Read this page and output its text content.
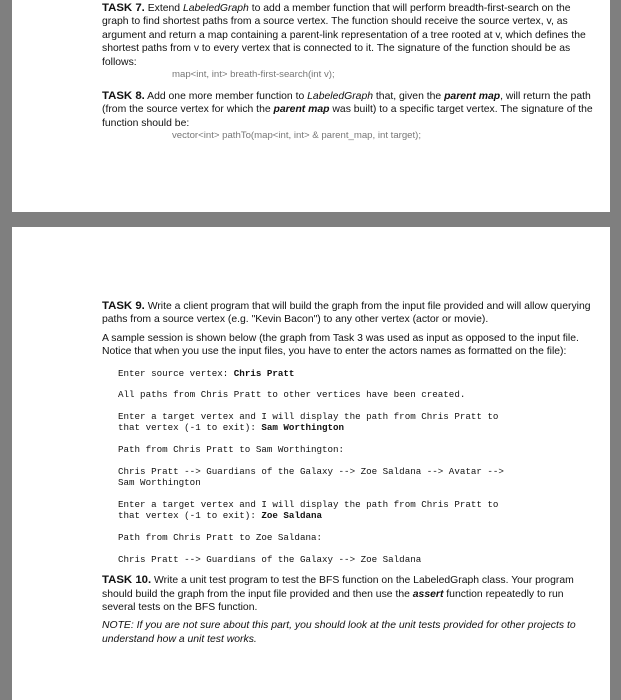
TASK 7. Extend LabeledGraph to add a member function that will perform breadth-first-search on the graph to find shortest paths from a source vertex. The function should receive the source vertex, v, as argument and return a map containing a parent-link representation of a tree rooted at v, which defines the shortest paths from v to every vertex that is connected to it. The signature of the function should be as follows:

map<int, int> breath-first-search(int v);

TASK 8. Add one more member function to LabeledGraph that, given the parent map, will return the path (from the source vertex for which the parent map was built) to a specific target vertex. The signature of the function should be:

vector<int> pathTo(map<int, int> & parent_map, int target);

TASK 9. Write a client program that will build the graph from the input file provided and will allow querying paths from a source vertex (e.g. "Kevin Bacon") to any other vertex (actor or movie).

A sample session is shown below (the graph from Task 3 was used as input as opposed to the input file. Notice that when you use the input files, you have to enter the actors names as formatted on the file):

Enter source vertex: Chris Pratt

All paths from Chris Pratt to other vertices have been created.

Enter a target vertex and I will display the path from Chris Pratt to

that vertex (-1 to exit): Sam Worthington

Path from Chris Pratt to Sam Worthington:

Chris Pratt --> Guardians of the Galaxy --> Zoe Saldana --> Avatar -->

Sam Worthington

Enter a target vertex and I will display the path from Chris Pratt to

that vertex (-1 to exit): Zoe Saldana

Path from Chris Pratt to Zoe Saldana:

Chris Pratt --> Guardians of the Galaxy --> Zoe Saldana

TASK 10. Write a unit test program to test the BFS function on the LabeledGraph class. Your program should build the graph from the input file provided and then use the assert function repeatedly to run several tests on the BFS function.

NOTE: If you are not sure about this part, you should look at the unit tests provided for other projects to understand how a unit test works.
